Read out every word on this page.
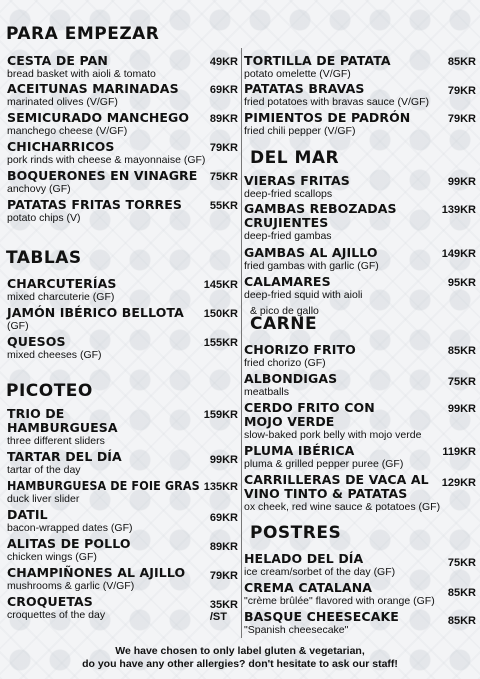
PARA EMPEZAR
CESTA DE PAN
bread basket with aioli & tomato
49KR
ACEITUNAS MARINADAS
marinated olives (V/GF)
69KR
SEMICURADO MANCHEGO
manchego cheese (V/GF)
89KR
CHICHARRICOS
pork rinds with cheese & mayonnaise (GF)
79KR
BOQUERONES EN VINAGRE
anchovy (GF)
75KR
PATATAS FRITAS TORRES
potato chips (V)
55KR
TABLAS
CHARCUTERÍAS
mixed charcuterie (GF)
145KR
JAMÓN IBÉRICO BELLOTA
(GF)
150KR
QUESOS
mixed cheeses (GF)
155KR
PICOTEO
TRIO DE HAMBURGUESA
three different sliders
159KR
TARTAR DEL DÍA
tartar of the day
99KR
HAMBURGUESA DE FOIE GRAS
duck liver slider
135KR
DATIL
bacon-wrapped dates (GF)
69KR
ALITAS DE POLLO
chicken wings (GF)
89KR
CHAMPIÑONES AL AJILLO
mushrooms & garlic (V/GF)
79KR
CROQUETAS
croquettes of the day
35KR
/ST
TORTILLA DE PATATA
potato omelette (V/GF)
85KR
PATATAS BRAVAS
fried potatoes with bravas sauce (V/GF)
79KR
PIMIENTOS DE PADRÓN
fried chili pepper (V/GF)
79KR
DEL MAR
VIERAS FRITAS
deep-fried scallops
99KR
GAMBAS REBOZADAS CRUJIENTES
deep-fried gambas
139KR
GAMBAS AL AJILLO
fried gambas with garlic (GF)
149KR
CALAMARES
deep-fried squid with aioli
95KR
& pico de gallo
CARNE
CHORIZO FRITO
fried chorizo (GF)
85KR
ALBONDIGAS
meatballs
75KR
CERDO FRITO CON MOJO VERDE
slow-baked pork belly with mojo verde
99KR
PLUMA IBÉRICA
pluma & grilled pepper puree (GF)
119KR
CARRILLERAS DE VACA AL VINO TINTO & PATATAS
ox cheek, red wine sauce & potatoes (GF)
129KR
POSTRES
HELADO DEL DÍA
ice cream/sorbet of the day (GF)
75KR
CREMA CATALANA
"crème brûlée" flavored with orange (GF)
85KR
BASQUE CHEESECAKE
"Spanish cheesecake"
85KR
We have chosen to only label gluten & vegetarian,
do you have any other allergies? don't hesitate to ask our staff!
